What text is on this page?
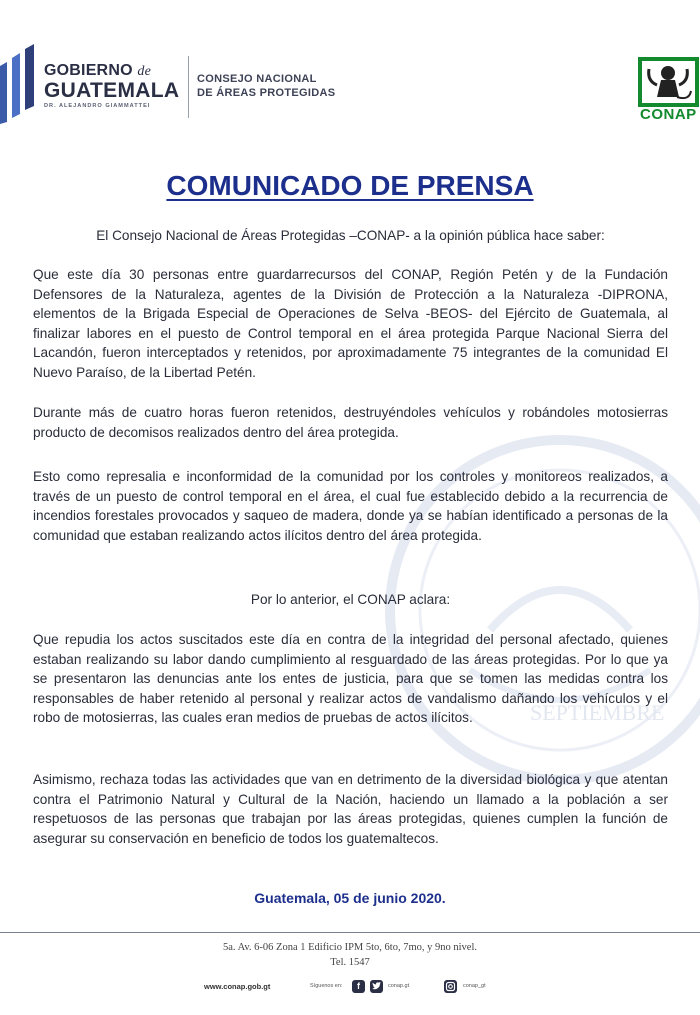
SEPTIEMBRE
GOBIERNO de
GUATEMALA
DR. ALEJANDRO GIAMMATTEI
CONSEJO NACIONAL
DE ÁREAS PROTEGIDAS
CONAP
COMUNICADO DE PRENSA
El Consejo Nacional de Áreas Protegidas –CONAP- a la opinión pública hace saber:
Que este día 30 personas entre guardarrecursos del CONAP, Región Petén y de la Fundación Defensores de la Naturaleza, agentes de la División de Protección a la Naturaleza -DIPRONA, elementos de la Brigada Especial de Operaciones de Selva -BEOS- del Ejército de Guatemala, al finalizar labores en el puesto de Control temporal en el área protegida Parque Nacional Sierra del Lacandón, fueron interceptados y retenidos, por aproximadamente 75 integrantes de la comunidad El Nuevo Paraíso, de la Libertad Petén.
Durante más de cuatro horas fueron retenidos, destruyéndoles vehículos y robándoles motosierras producto de decomisos realizados dentro del área protegida.
Esto como represalia e inconformidad de la comunidad por los controles y monitoreos realizados, a través de un puesto de control temporal en el área, el cual fue establecido debido a la recurrencia de incendios forestales provocados y saqueo de madera, donde ya se habían identificado a personas de la comunidad que estaban realizando actos ilícitos dentro del área protegida.
Por lo anterior, el CONAP aclara:
Que repudia los actos suscitados este día en contra de la integridad del personal afectado, quienes estaban realizando su labor dando cumplimiento al resguardado de las áreas protegidas. Por lo que ya se presentaron las denuncias ante los entes de justicia, para que se tomen las medidas contra los responsables de haber retenido al personal y realizar actos de vandalismo dañando los vehículos y el robo de motosierras, las cuales eran medios de pruebas de actos ilícitos.
Asimismo, rechaza todas las actividades que van en detrimento de la diversidad biológica y que atentan contra el Patrimonio Natural y Cultural de la Nación, haciendo un llamado a la población a ser respetuosos de las personas que trabajan por las áreas protegidas, quienes cumplen la función de asegurar su conservación en beneficio de todos los guatemaltecos.
Guatemala, 05 de junio 2020.
5a. Av. 6-06 Zona 1 Edificio IPM 5to, 6to, 7mo, y 9no nivel.
Tel. 1547
www.conap.gob.gt	Síguenos en:	f	conap.gt	conap_gt
